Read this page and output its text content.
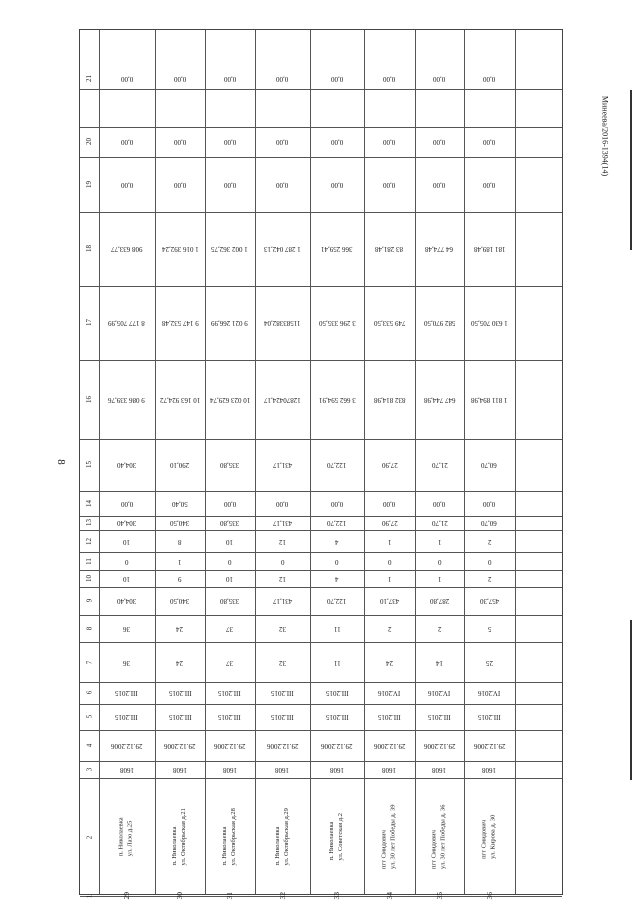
8
Минеева/2016-1394(14)
1
2
3
4
5
6
7
8
9
10
11
12
13
14
15
16
17
18
19
20
21
29
п. Николаевка
ул. Лазо д.25
1608
29.12.2006
III.2015
III.2015
36
36
304,40
10
0
10
304,40
0,00
304,40
9 086 339,76
8 177 705,99
908 633,77
0,00
0,00
0,00
30
п. Николаевка
ул. Октябрьская д.21
1608
29.12.2006
III.2015
III.2015
24
24
340,50
9
1
8
340,50
50,40
290,10
10 163 924,72
9 147 532,48
1 016 392,24
0,00
0,00
0,00
31
п. Николаевка
ул. Октябрьская д.28
1608
29.12.2006
III.2015
III.2015
37
37
335,80
10
0
10
335,80
0,00
335,80
10 023 629,74
9 021 266,99
1 002 362,75
0,00
0,00
0,00
32
п. Николаевка
ул. Октябрьская д.29
1608
29.12.2006
III.2015
III.2015
32
32
431,17
12
0
12
431,17
0,00
431,17
12870424,17
11583382,04
1 287 042,13
0,00
0,00
0,00
33
п. Николаевка
ул. Советская д.2
1608
29.12.2006
III.2015
III.2015
11
11
122,70
4
0
4
122,70
0,00
122,70
3 662 594,91
3 296 335,50
366 259,41
0,00
0,00
0,00
34
пгт Смидович
ул. 30 лет Победы д. 39
1608
29.12.2006
III.2015
IV.2016
24
2
437,10
1
0
1
27,90
0,00
27,90
832 814,98
749 533,50
83 281,48
0,00
0,00
0,00
35
пгт Смидович
ул. 30 лет Победы д. 36
1608
29.12.2006
III.2015
IV.2016
14
2
287,80
1
0
1
21,70
0,00
21,70
647 744,98
582 970,50
64 774,48
0,00
0,00
0,00
36
пгт Смидович
ул. Кирова д. 30
1608
29.12.2006
III.2015
IV.2016
25
5
457,30
2
0
2
60,70
0,00
60,70
1 811 894,98
1 630 705,50
181 189,48
0,00
0,00
0,00
